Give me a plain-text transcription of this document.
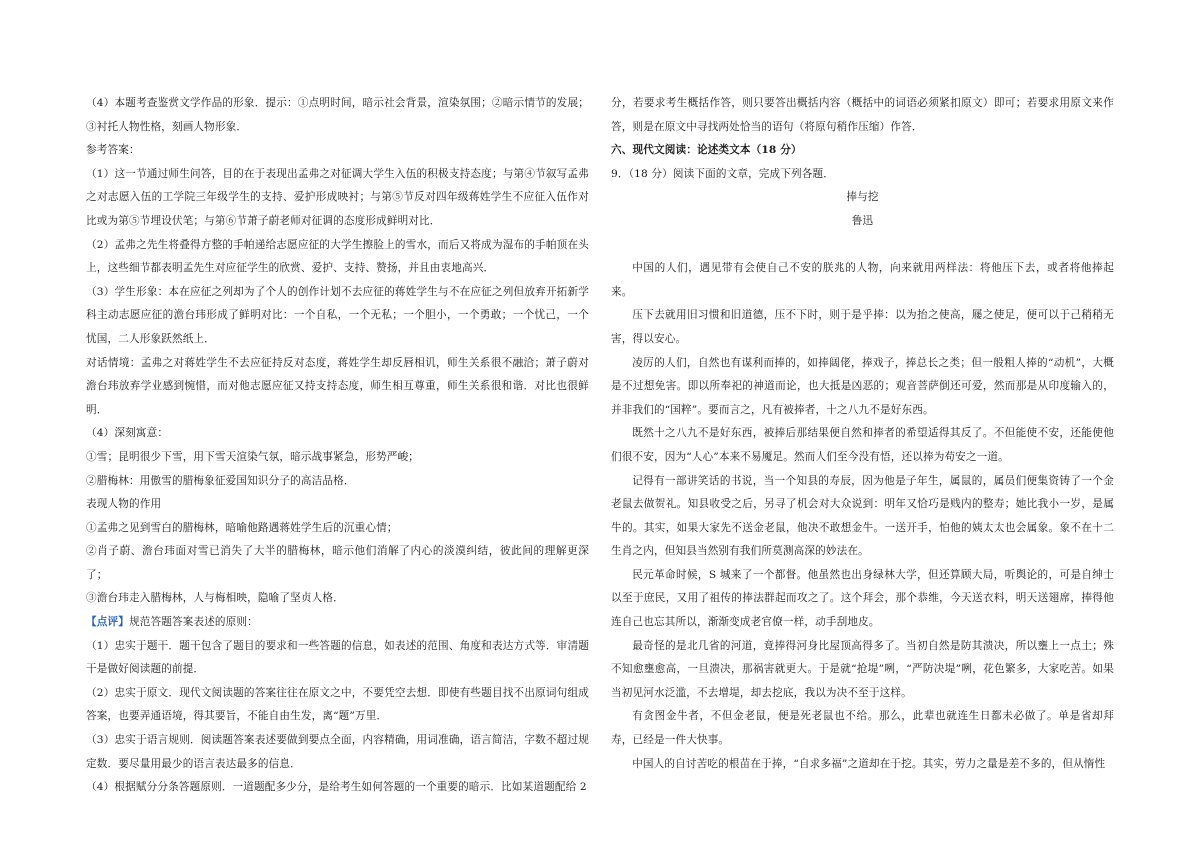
（4）本题考查鉴赏文学作品的形象．提示：①点明时间，暗示社会背景，渲染氛围；②暗示情节的发展；③衬托人物性格，刻画人物形象．

参考答案：

（1）这一节通过师生问答，目的在于表现出孟弗之对征调大学生入伍的积极支持态度；与第④节叙写孟弗之对志愿入伍的工学院三年级学生的支持、爱护形成映衬；与第⑤节反对四年级蒋姓学生不应征入伍作对比或为第⑤节埋设伏笔；与第⑥节萧子蔚老师对征调的态度形成鲜明对比．

（2）孟弗之先生将叠得方整的手帕递给志愿应征的大学生擦脸上的雪水，而后又将成为湿布的手帕顶在头上，这些细节都表明孟先生对应征学生的欣赏、爱护、支持、赞扬，并且由衷地高兴．

（3）学生形象：本在应征之列却为了个人的创作计划不去应征的蒋姓学生与不在应征之列但放弃开拓新学科主动志愿应征的澹台玮形成了鲜明对比：一个自私，一个无私；一个胆小，一个勇敢；一个忧己，一个忧国，二人形象跃然纸上．

对话情境：孟弗之对蒋姓学生不去应征持反对态度，蒋姓学生却反唇相讥，师生关系很不融洽；萧子蔚对澹台玮放弃学业感到惋惜，而对他志愿应征又持支持态度，师生相互尊重，师生关系很和谐．对比也很鲜明．

（4）深刻寓意：

①雪；昆明很少下雪，用下雪天渲染气氛，暗示战事紧急，形势严峻；

②腊梅林：用傲雪的腊梅象征爱国知识分子的高洁品格．

表现人物的作用

①孟弗之见到雪白的腊梅林，暗喻他路遇蒋姓学生后的沉重心情；

②肖子蔚、澹台玮面对雪已消失了大半的腊梅林，暗示他们消解了内心的淡漠纠结，彼此间的理解更深了；

③澹台玮走入腊梅林，人与梅相映，隐喻了坚贞人格．

【点评】规范答题答案表述的原则：

（1）忠实于题干．题干包含了题目的要求和一些答题的信息，如表述的范围、角度和表达方式等．审清题干是做好阅读题的前提．

（2）忠实于原文．现代文阅读题的答案往往在原文之中，不要凭空去想．即使有些题目找不出原词句组成答案，也要弄通语境，得其要旨，不能自由生发，离“题”万里．

（3）忠实于语言规则．阅读题答案表述要做到要点全面，内容精确，用词准确，语言简洁，字数不超过规定数．要尽量用最少的语言表达最多的信息．

（4）根据赋分分条答题原则．一道题配多少分，是给考生如何答题的一个重要的暗示．比如某道题配给 2

分，若要求考生概括作答，则只要答出概括内容（概括中的词语必须紧扣原文）即可；若要求用原文来作答，则是在原文中寻找两处恰当的语句（将原句稍作压缩）作答．

六、现代文阅读：论述类文本（18 分）

9．（18 分）阅读下面的文章，完成下列各题．

捧与挖

鲁迅

中国的人们，遇见带有会使自己不安的朕兆的人物，向来就用两样法：将他压下去，或者将他捧起来。

压下去就用旧习惯和旧道德，压不下时，则于是乎捧：以为抬之使高，屦之使足，便可以于己稍稍无害，得以安心。

凌厉的人们，自然也有谋利而捧的，如捧阔佬，捧戏子，捧总长之类；但一般粗人捧的“动机”，大概是不过想免害。即以所奉祀的神道而论，也大抵是凶恶的；观音菩萨倒还可爱，然而那是从印度输入的，并非我们的“国粹”。要而言之，凡有被捧者，十之八九不是好东西。

既然十之八九不是好东西，被捧后那结果便自然和捧者的希望适得其反了。不但能使不安，还能使他们很不安，因为“人心”本来不易魇足。然而人们至今没有悟，还以捧为苟安之一道。

记得有一部讲笑话的书说，当一个知县的寿辰，因为他是子年生，属鼠的，属员们便集资铸了一个金老鼠去做贺礼。知县收受之后，另寻了机会对大众说到：明年又恰巧是贱内的整寿；她比我小一岁，是属牛的。其实，如果大家先不送金老鼠，他决不敢想金牛。一送开手，怕他的姨太太也会属象。象不在十二生肖之内，但知县当然别有我们所莫测高深的妙法在。

民元革命时候，S 城来了一个都督。他虽然也出身绿林大学，但还算顾大局，听舆论的，可是自绅士以至于庶民，又用了祖传的捧法群起而攻之了。这个拜会，那个恭维，今天送衣料，明天送翅席，捧得他连自己也忘其所以，渐渐变成老官僚一样，动手刮地皮。

最奇怪的是北几省的河道，竟捧得河身比屋顶高得多了。当初自然是防其溃决，所以壅上一点土；殊不知愈壅愈高，一旦溃决，那祸害就更大。于是就“抢堤”咧，“严防决堤”咧，花色繁多，大家吃苦。如果当初见河水泛滥，不去增堤，却去挖底，我以为决不至于这样。

有贪图金牛者，不但金老鼠，便是死老鼠也不给。那么，此辈也就连生日都未必做了。单是省却拜寿，已经是一件大快事。

中国人的自讨苦吃的根苗在于捧，“自求多福”之道却在于挖。其实，劳力之量是差不多的，但从惰性
